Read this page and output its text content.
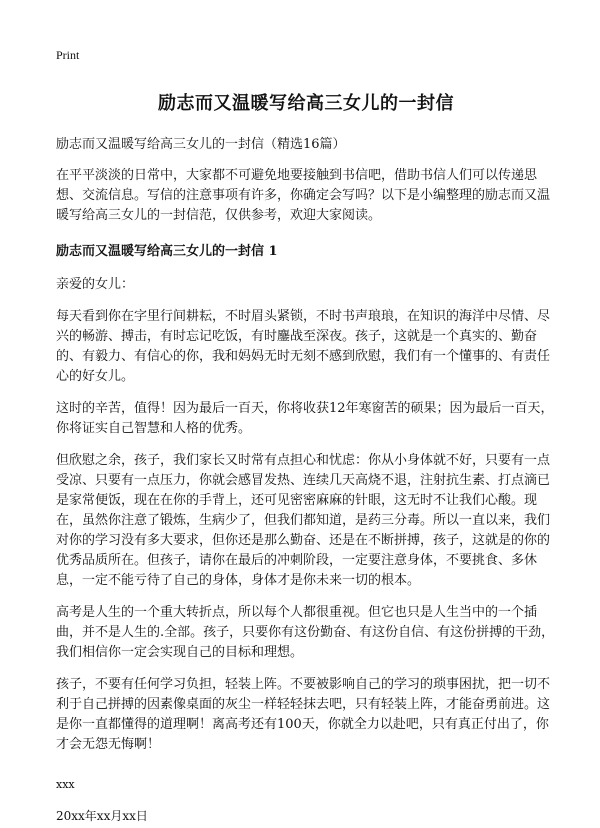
Print
励志而又温暖写给高三女儿的一封信
励志而又温暖写给高三女儿的一封信（精选16篇）

在平平淡淡的日常中，大家都不可避免地要接触到书信吧，借助书信人们可以传递思想、交流信息。写信的注意事项有许多，你确定会写吗？以下是小编整理的励志而又温暖写给高三女儿的一封信范，仅供参考，欢迎大家阅读。

励志而又温暖写给高三女儿的一封信 1

亲爱的女儿：

每天看到你在字里行间耕耘，不时眉头紧锁，不时书声琅琅，在知识的海洋中尽情、尽兴的畅游、搏击，有时忘记吃饭，有时鏖战至深夜。孩子，这就是一个真实的、勤奋的、有毅力、有信心的你，我和妈妈无时无刻不感到欣慰，我们有一个懂事的、有责任心的好女儿。

这时的辛苦，值得！因为最后一百天，你将收获12年寒窗苦的硕果；因为最后一百天，你将证实自己智慧和人格的优秀。

但欣慰之余，孩子，我们家长又时常有点担心和忧虑：你从小身体就不好，只要有一点受凉、只要有一点压力，你就会感冒发热、连续几天高烧不退，注射抗生素、打点滴已是家常便饭，现在在你的手背上，还可见密密麻麻的针眼，这无时不让我们心酸。现在，虽然你注意了锻炼，生病少了，但我们都知道，是药三分毒。所以一直以来，我们对你的学习没有多大要求，但你还是那么勤奋、还是在不断拼搏，孩子，这就是的你的优秀品质所在。但孩子，请你在最后的冲刺阶段，一定要注意身体，不要挑食、多休息，一定不能亏待了自己的身体，身体才是你未来一切的根本。

高考是人生的一个重大转折点，所以每个人都很重视。但它也只是人生当中的一个插曲，并不是人生的.全部。孩子，只要你有这份勤奋、有这份自信、有这份拼搏的干劲，我们相信你一定会实现自己的目标和理想。

孩子，不要有任何学习负担，轻装上阵。不要被影响自己的学习的琐事困扰，把一切不利于自己拼搏的因素像桌面的灰尘一样轻轻抹去吧，只有轻装上阵，才能奋勇前进。这是你一直都懂得的道理啊！离高考还有100天，你就全力以赴吧，只有真正付出了，你才会无怨无悔啊！

xxx
20xx年xx月xx日
